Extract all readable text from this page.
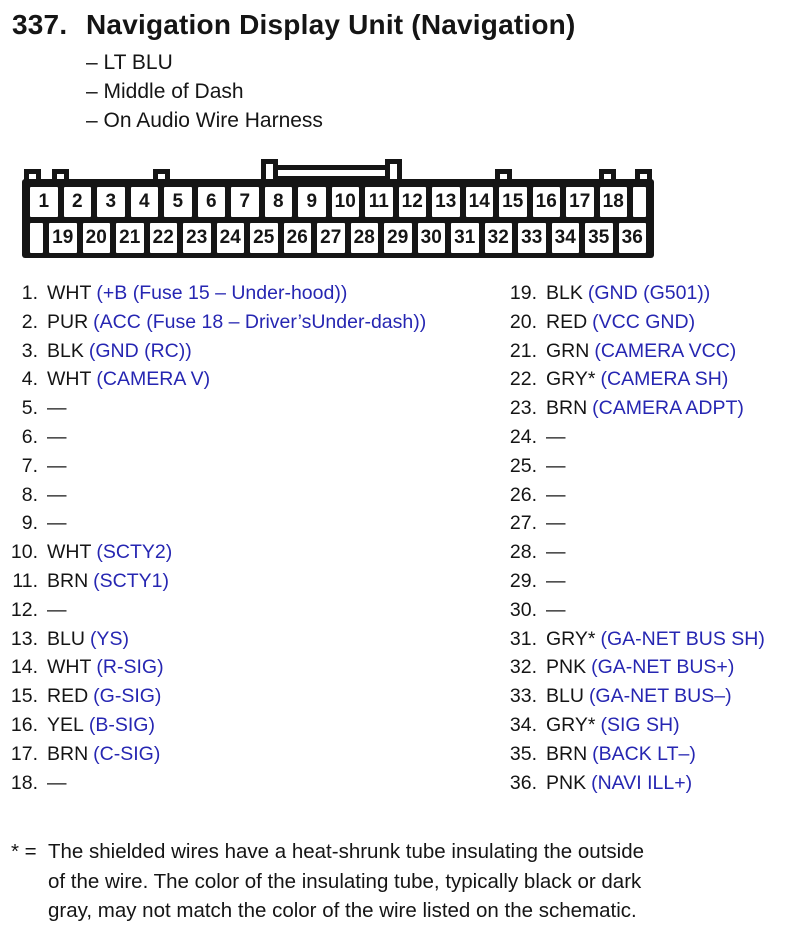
337. Navigation Display Unit (Navigation)
– LT BLU
– Middle of Dash
– On Audio Wire Harness
1	2	3	4	5	6	7	8	9 10 11 12 13 14 15 16 17 18
19 20 21 22 23 24 25 26 27 28 29 30 31 32 33 34 35 36
1. WHT (+B (Fuse 15 – Under-hood))
2. PUR (ACC (Fuse 18 – Driver’sUnder-dash))
3. BLK (GND (RC))
4. WHT (CAMERA V)
5. —
6. —
7. —
8. —
9. —
10. WHT (SCTY2)
11. BRN (SCTY1)
12. —
13. BLU (YS)
14. WHT (R-SIG)
15. RED (G-SIG)
16. YEL (B-SIG)
17. BRN (C-SIG)
18. —
19. BLK (GND (G501))
20. RED (VCC GND)
21. GRN (CAMERA VCC)
22. GRY* (CAMERA SH)
23. BRN (CAMERA ADPT)
24. —
25. —
26. —
27. —
28. —
29. —
30. —
31. GRY* (GA-NET BUS SH)
32. PNK (GA-NET BUS+)
33. BLU (GA-NET BUS–)
34. GRY* (SIG SH)
35. BRN (BACK LT–)
36. PNK (NAVI ILL+)
* = The shielded wires have a heat-shrunk tube insulating the outside
of the wire. The color of the insulating tube, typically black or dark
gray, may not match the color of the wire listed on the schematic.
